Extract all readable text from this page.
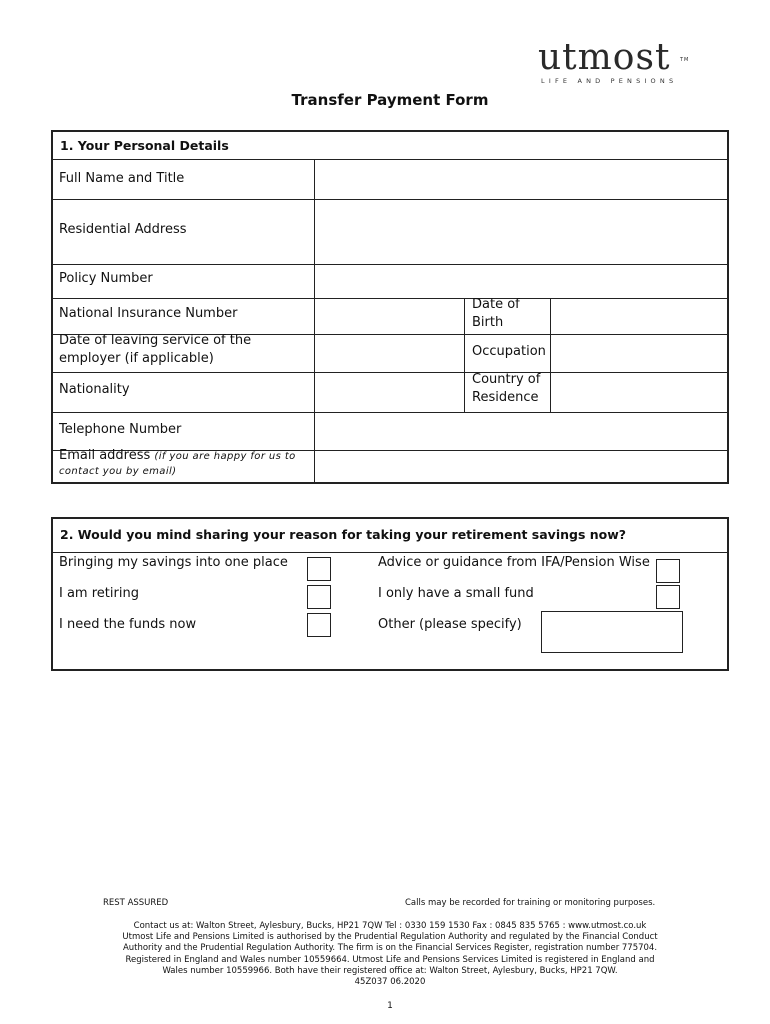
utmost TM
LIFE AND PENSIONS
Transfer Payment Form
1. Your Personal Details
Full Name and Title
Residential Address
Policy Number
National Insurance Number
Date of
Birth
Date of leaving service of the
employer (if applicable)	Occupation
Nationality
Country of
Residence
Telephone Number
Email address (if you are happy for us to
contact you by email)
2. Would you mind sharing your reason for taking your retirement savings now?
Bringing my savings into one place
I am retiring
I need the funds now
Advice or guidance from IFA/Pension Wise
I only have a small fund
Other (please specify)
REST ASSURED	Calls may be recorded for training or monitoring purposes.
Contact us at: Walton Street, Aylesbury, Bucks, HP21 7QW Tel : 0330 159 1530 Fax : 0845 835 5765 : www.utmost.co.uk
Utmost Life and Pensions Limited is authorised by the Prudential Regulation Authority and regulated by the Financial Conduct
Authority and the Prudential Regulation Authority. The firm is on the Financial Services Register, registration number 775704.
Registered in England and Wales number 10559664. Utmost Life and Pensions Services Limited is registered in England and
Wales number 10559966. Both have their registered office at: Walton Street, Aylesbury, Bucks, HP21 7QW.
45Z037 06.2020
1
